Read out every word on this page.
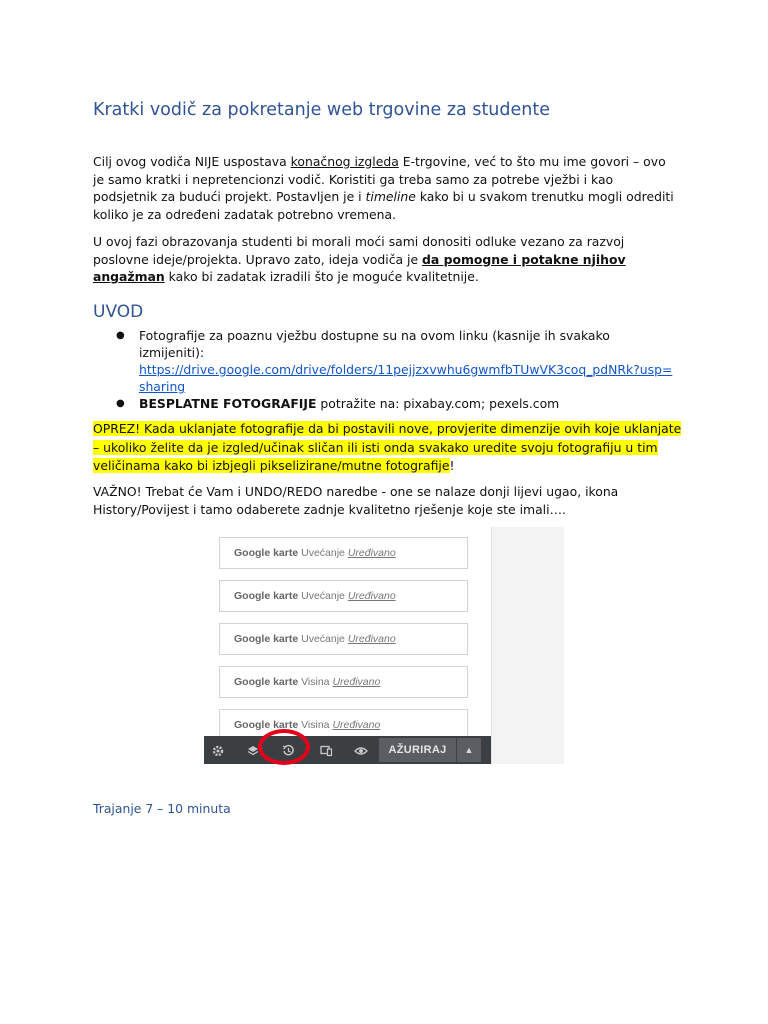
Kratki vodič za pokretanje web trgovine za studente

Cilj ovog vodiča NIJE uspostava konačnog izgleda E-trgovine, već to što mu ime govori – ovo je samo kratki i nepretencionzi vodič. Koristiti ga treba samo za potrebe vježbi i kao podsjetnik za budući projekt. Postavljen je i timeline kako bi u svakom trenutku mogli odrediti koliko je za određeni zadatak potrebno vremena.

U ovoj fazi obrazovanja studenti bi morali moći sami donositi odluke vezano za razvoj poslovne ideje/projekta. Upravo zato, ideja vodiča je da pomogne i potakne njihov angažman kako bi zadatak izradili što je moguće kvalitetnije.

UVOD
● Fotografije za poaznu vježbu dostupne su na ovom linku (kasnije ih svakako izmijeniti):
https://drive.google.com/drive/folders/11pejjzxvwhu6gwmfbTUwVK3coq_pdNRk?usp=sharing
● BESPLATNE FOTOGRAFIJE potražite na: pixabay.com; pexels.com

OPREZ! Kada uklanjate fotografije da bi postavili nove, provjerite dimenzije ovih koje uklanjate – ukoliko želite da je izgled/učinak sličan ili isti onda svakako uredite svoju fotografiju u tim veličinama kako bi izbjegli pikselizirane/mutne fotografije!

VAŽNO! Trebat će Vam i UNDO/REDO naredbe - one se nalaze donji lijevi ugao, ikona History/Povijest i tamo odaberete zadnje kvalitetno rješenje koje ste imali….

Google karte Uvećanje Uređivano
Google karte Uvećanje Uređivano
Google karte Uvećanje Uređivano
Google karte Visina Uređivano
Google karte Visina Uređivano
AŽURIRAJ	▲

Trajanje 7 – 10 minuta
